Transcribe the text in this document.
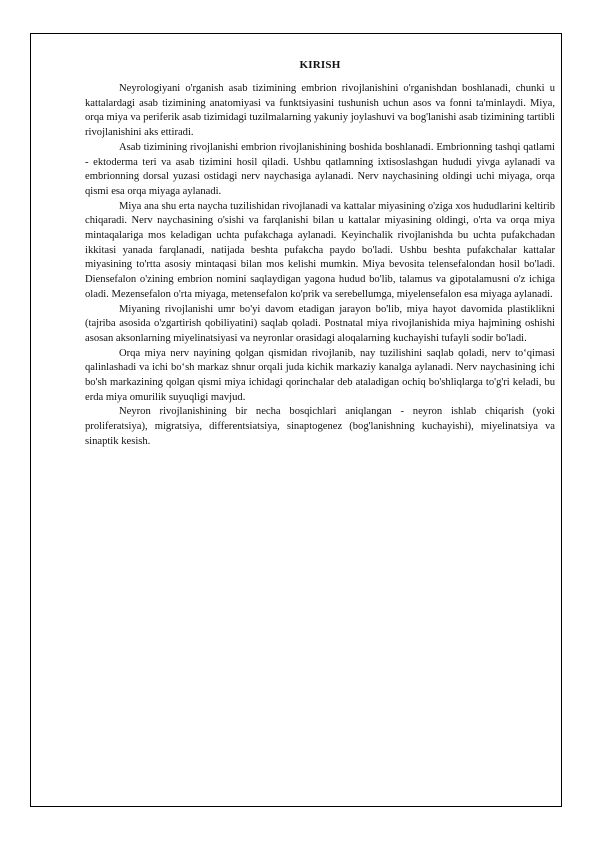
KIRISH

Neyrologiyani o'rganish asab tizimining embrion rivojlanishini o'rganishdan boshlanadi, chunki u kattalardagi asab tizimining anatomiyasi va funktsiyasini tushunish uchun asos va fonni ta'minlaydi. Miya, orqa miya va periferik asab tizimidagi tuzilmalarning yakuniy joylashuvi va bog'lanishi asab tizimining tartibli rivojlanishini aks ettiradi.

Asab tizimining rivojlanishi embrion rivojlanishining boshida boshlanadi. Embrionning tashqi qatlami - ektoderma teri va asab tizimini hosil qiladi. Ushbu qatlamning ixtisoslashgan hududi yivga aylanadi va embrionning dorsal yuzasi ostidagi nerv naychasiga aylanadi. Nerv naychasining oldingi uchi miyaga, orqa qismi esa orqa miyaga aylanadi.

Miya ana shu erta naycha tuzilishidan rivojlanadi va kattalar miyasining o'ziga xos hududlarini keltirib chiqaradi. Nerv naychasining o'sishi va farqlanishi bilan u kattalar miyasining oldingi, o'rta va orqa miya mintaqalariga mos keladigan uchta pufakchaga aylanadi. Keyinchalik rivojlanishda bu uchta pufakchadan ikkitasi yanada farqlanadi, natijada beshta pufakcha paydo bo'ladi. Ushbu beshta pufakchalar kattalar miyasining to'rtta asosiy mintaqasi bilan mos kelishi mumkin. Miya bevosita telensefalondan hosil bo'ladi. Diensefalon o'zining embrion nomini saqlaydigan yagona hudud bo'lib, talamus va gipotalamusni o'z ichiga oladi. Mezensefalon o'rta miyaga, metensefalon ko'prik va serebellumga, miyelensefalon esa miyaga aylanadi.

Miyaning rivojlanishi umr bo'yi davom etadigan jarayon bo'lib, miya hayot davomida plastiklikni (tajriba asosida o'zgartirish qobiliyatini) saqlab qoladi. Postnatal miya rivojlanishida miya hajmining oshishi asosan aksonlarning miyelinatsiyasi va neyronlar orasidagi aloqalarning kuchayishi tufayli sodir bo'ladi.

Orqa miya nerv nayining qolgan qismidan rivojlanib, nay tuzilishini saqlab qoladi, nerv to‘qimasi qalinlashadi va ichi bo‘sh markaz shnur orqali juda kichik markaziy kanalga aylanadi. Nerv naychasining ichi bo'sh markazining qolgan qismi miya ichidagi qorinchalar deb ataladigan ochiq bo'shliqlarga to'g'ri keladi, bu erda miya omurilik suyuqligi mavjud.

Neyron rivojlanishining bir necha bosqichlari aniqlangan - neyron ishlab chiqarish (yoki proliferatsiya), migratsiya, differentsiatsiya, sinaptogenez (bog'lanishning kuchayishi), miyelinatsiya va sinaptik kesish.
